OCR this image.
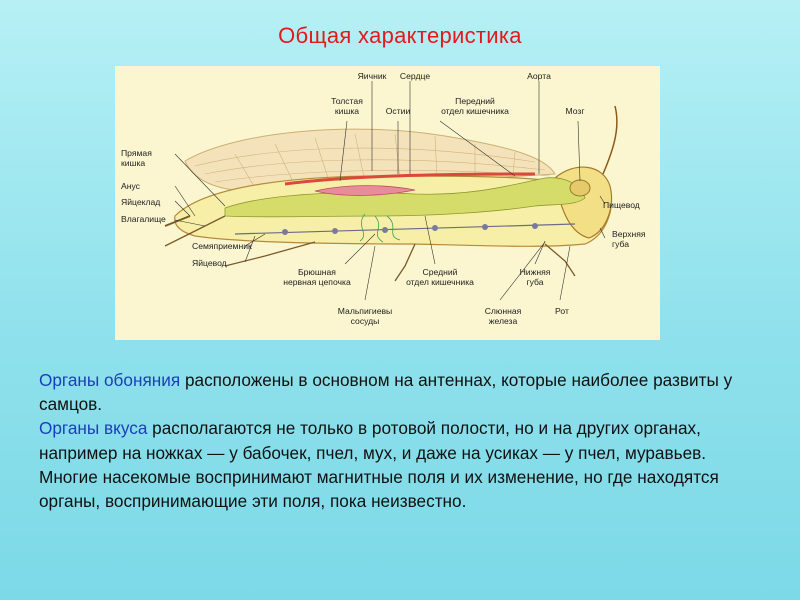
Общая характеристика
Яичник Сердце	Аорта
Толстая
кишка	Остии
Передний
отдел кишечника	Мозг
Прямая
кишка
Анус
Яйцеклад
Влагалище
Семяприемник
Яйцевод
Брюшная
нервная цепочка
Средний
отдел кишечника
Нижняя
губа
Пищевод
Верхняя
губа
Мальпигиевы
сосуды
Слюнная
железа
Рот

Органы обоняния расположены в основном на антеннах, которые наиболее развиты у самцов.

Органы вкуса располагаются не только в ротовой полости, но и на других органах, например на ножках — у бабочек, пчел, мух, и даже на усиках — у пчел, муравьев.

Многие насекомые воспринимают магнитные поля и их изменение, но где находятся органы, воспринимающие эти поля, пока неизвестно.
